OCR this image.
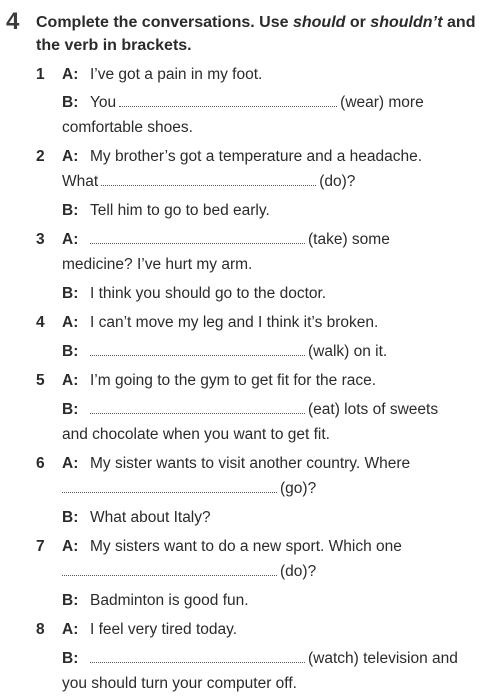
4 Complete the conversations. Use should or shouldn’t and the verb in brackets.
1 A: I’ve got a pain in my foot.
B: You	(wear) more
comfortable shoes.
2 A: My brother’s got a temperature and a headache.
What	(do)?
B: Tell him to go to bed early.
3 A:	(take) some
medicine? I’ve hurt my arm.
B: I think you should go to the doctor.
4 A: I can’t move my leg and I think it’s broken.
B:	(walk) on it.
5 A: I’m going to the gym to get fit for the race.
B:	(eat) lots of sweets
and chocolate when you want to get fit.
6 A: My sister wants to visit another country. Where
(go)?
B: What about Italy?
7 A: My sisters want to do a new sport. Which one
(do)?
B: Badminton is good fun.
8 A: I feel very tired today.
B:	(watch) television and
you should turn your computer off.
